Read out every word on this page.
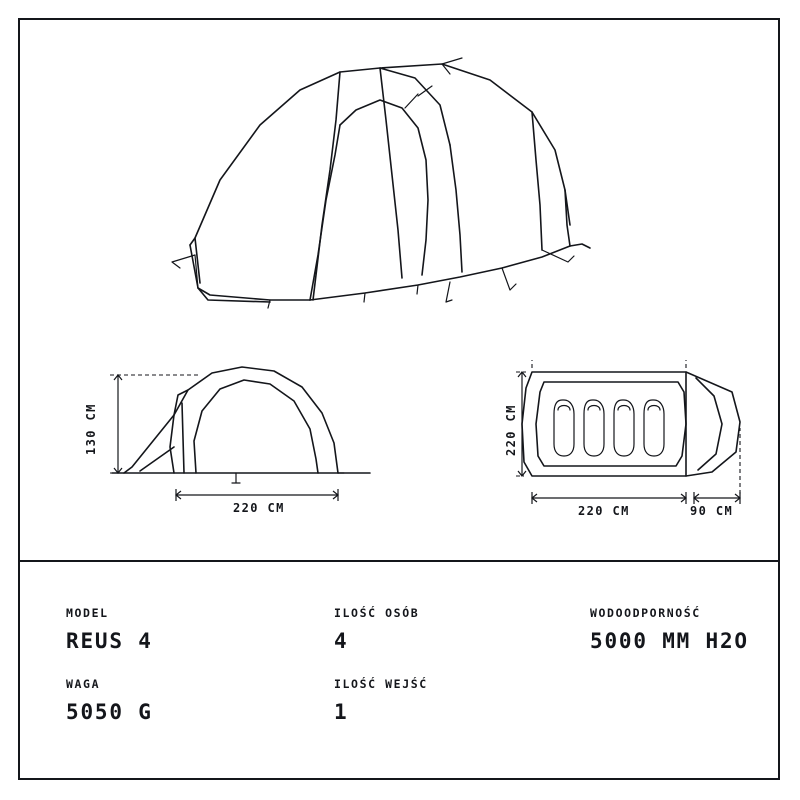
130 CM
220 CM
220 CM
220 CM	90 CM
MODEL
REUS 4
WAGA
5050 G
ILOŚĆ OSÓB
4
ILOŚĆ WEJŚĆ
1
WODOODPORNOŚĆ
5000 MM H2O
